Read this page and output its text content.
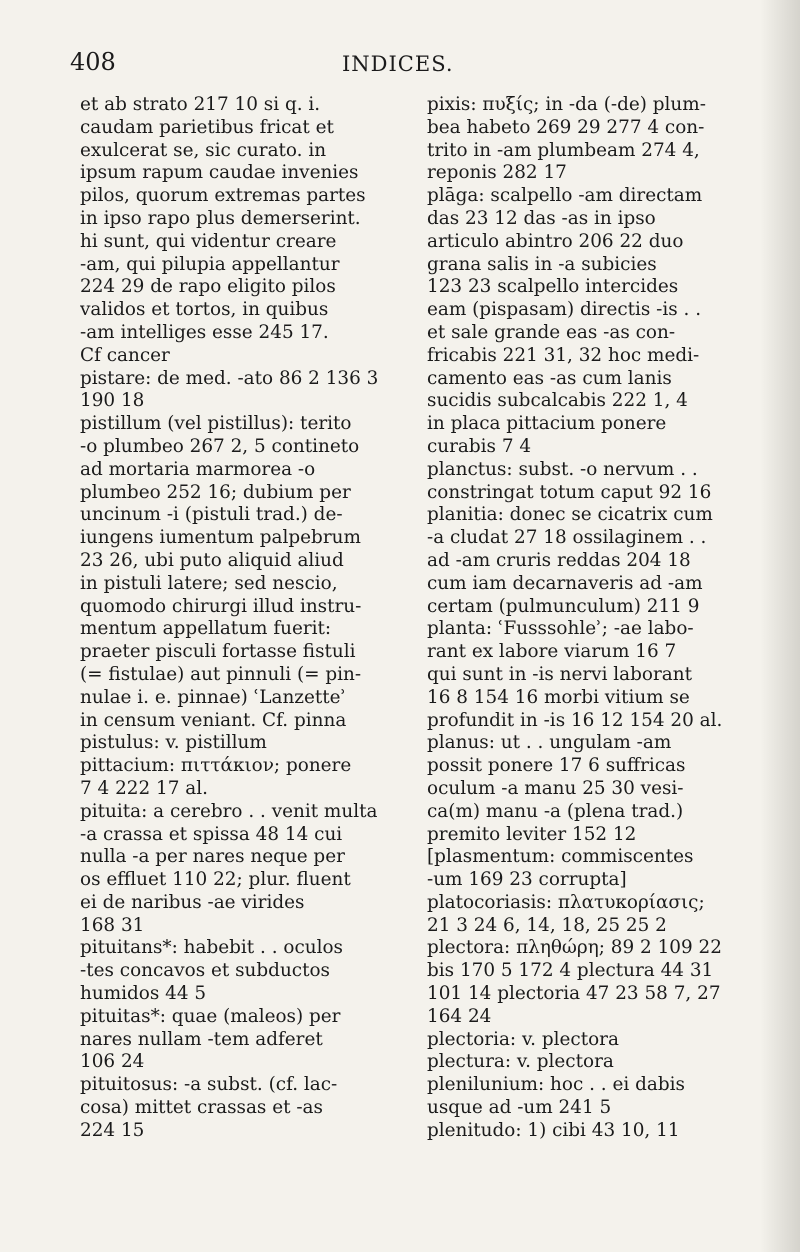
408	INDICES.
et ab strato 217 10 si q. i.
caudam parietibus fricat et
exulcerat se, sic curato. in
ipsum rapum caudae invenies
pilos, quorum extremas partes
in ipso rapo plus demerserint.
hi sunt, qui videntur creare
-am, qui pilupia appellantur
224 29 de rapo eligito pilos
validos et tortos, in quibus
-am intelliges esse 245 17.
Cf cancer
pistare: de med. -ato 86 2 136 3
190 18
pistillum (vel pistillus): terito
-o plumbeo 267 2, 5 contineto
ad mortaria marmorea -o
plumbeo 252 16; dubium per
uncinum -i (pistuli trad.) de-
iungens iumentum palpebrum
23 26, ubi puto aliquid aliud
in pistuli latere; sed nescio,
quomodo chirurgi illud instru-
mentum appellatum fuerit:
praeter pisculi fortasse fistuli
(= fistulae) aut pinnuli (= pin-
nulae i. e. pinnae) ʿLanzetteʾ
in censum veniant. Cf. pinna
pistulus: v. pistillum
pittacium: πιττάκιον; ponere
7 4 222 17 al.
pituita: a cerebro . . venit multa
-a crassa et spissa 48 14 cui
nulla -a per nares neque per
os effluet 110 22; plur. fluent
ei de naribus -ae virides
168 31
pituitans*: habebit . . oculos
-tes concavos et subductos
humidos 44 5
pituitas*: quae (maleos) per
nares nullam -tem adferet
106 24
pituitosus: -a subst. (cf. lac-
cosa) mittet crassas et -as
224 15
pixis: πυξίς; in -da (-de) plum-
bea habeto 269 29 277 4 con-
trito in -am plumbeam 274 4,
reponis 282 17
plāga: scalpello -am directam
das 23 12 das -as in ipso
articulo abintro 206 22 duo
grana salis in -a subicies
123 23 scalpello intercides
eam (pispasam) directis -is . .
et sale grande eas -as con-
fricabis 221 31, 32 hoc medi-
camento eas -as cum lanis
sucidis subcalcabis 222 1, 4
in placa pittacium ponere
curabis 7 4
planctus: subst. -o nervum . .
constringat totum caput 92 16
planitia: donec se cicatrix cum
-a cludat 27 18 ossilaginem . .
ad -am cruris reddas 204 18
cum iam decarnaveris ad -am
certam (pulmunculum) 211 9
planta: ʿFusssohleʾ; -ae labo-
rant ex labore viarum 16 7
qui sunt in -is nervi laborant
16 8 154 16 morbi vitium se
profundit in -is 16 12 154 20 al.
planus: ut . . ungulam -am
possit ponere 17 6 suffricas
oculum -a manu 25 30 vesi-
ca(m) manu -a (plena trad.)
premito leviter 152 12
[plasmentum: commiscentes
-um 169 23 corrupta]
platocoriasis: πλατυκορίασις;
21 3 24 6, 14, 18, 25 25 2
plectora: πληθώρη; 89 2 109 22
bis 170 5 172 4 plectura 44 31
101 14 plectoria 47 23 58 7, 27
164 24
plectoria: v. plectora
plectura: v. plectora
plenilunium: hoc . . ei dabis
usque ad -um 241 5
plenitudo: 1) cibi 43 10, 11
